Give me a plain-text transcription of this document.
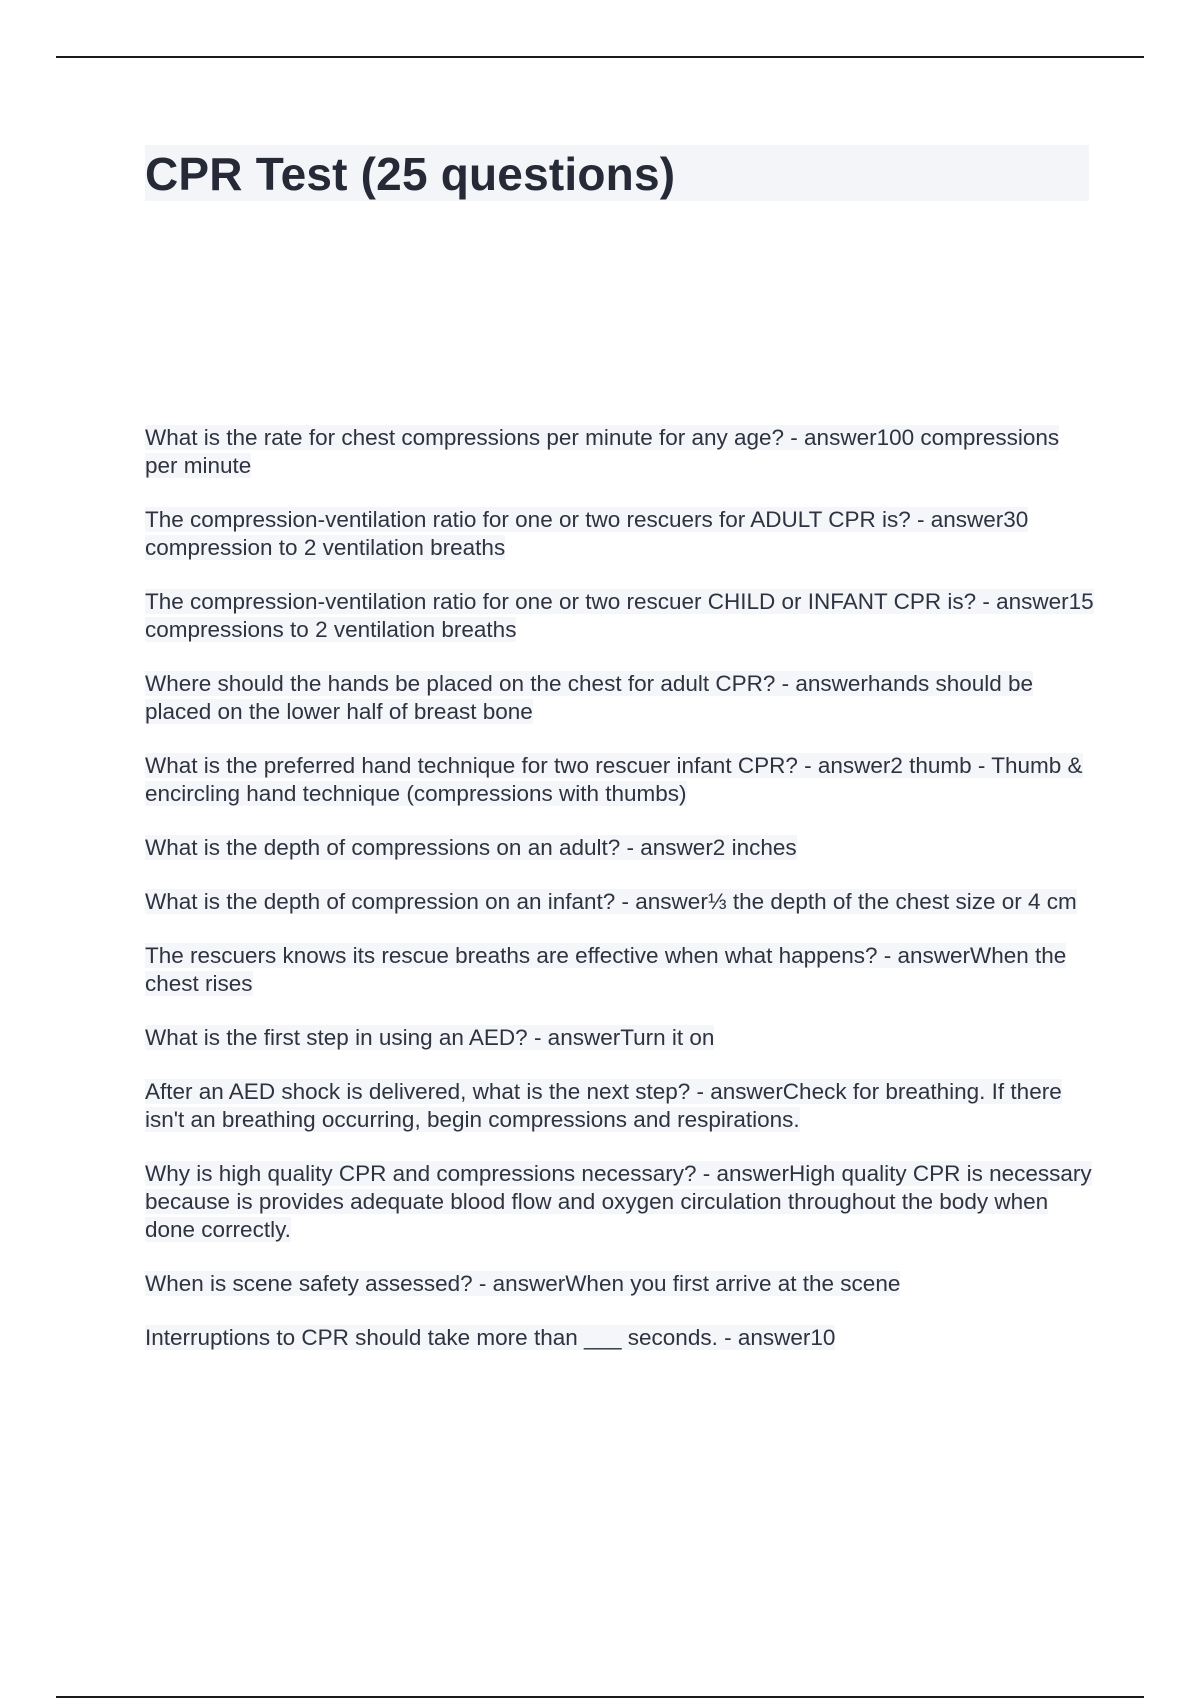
CPR Test (25 questions)
What is the rate for chest compressions per minute for any age? - answer100 compressions per minute
The compression-ventilation ratio for one or two rescuers for ADULT CPR is? - answer30 compression to 2 ventilation breaths
The compression-ventilation ratio for one or two rescuer CHILD or INFANT CPR is? - answer15 compressions to 2 ventilation breaths
Where should the hands be placed on the chest for adult CPR? - answerhands should be placed on the lower half of breast bone
What is the preferred hand technique for two rescuer infant CPR? - answer2 thumb - Thumb & encircling hand technique (compressions with thumbs)
What is the depth of compressions on an adult? - answer2 inches
What is the depth of compression on an infant? - answer⅓ the depth of the chest size or 4 cm
The rescuers knows its rescue breaths are effective when what happens? - answerWhen the chest rises
What is the first step in using an AED? - answerTurn it on
After an AED shock is delivered, what is the next step? - answerCheck for breathing. If there isn't an breathing occurring, begin compressions and respirations.
Why is high quality CPR and compressions necessary? - answerHigh quality CPR is necessary because is provides adequate blood flow and oxygen circulation throughout the body when done correctly.
When is scene safety assessed? - answerWhen you first arrive at the scene
Interruptions to CPR should take more than ___ seconds. - answer10
